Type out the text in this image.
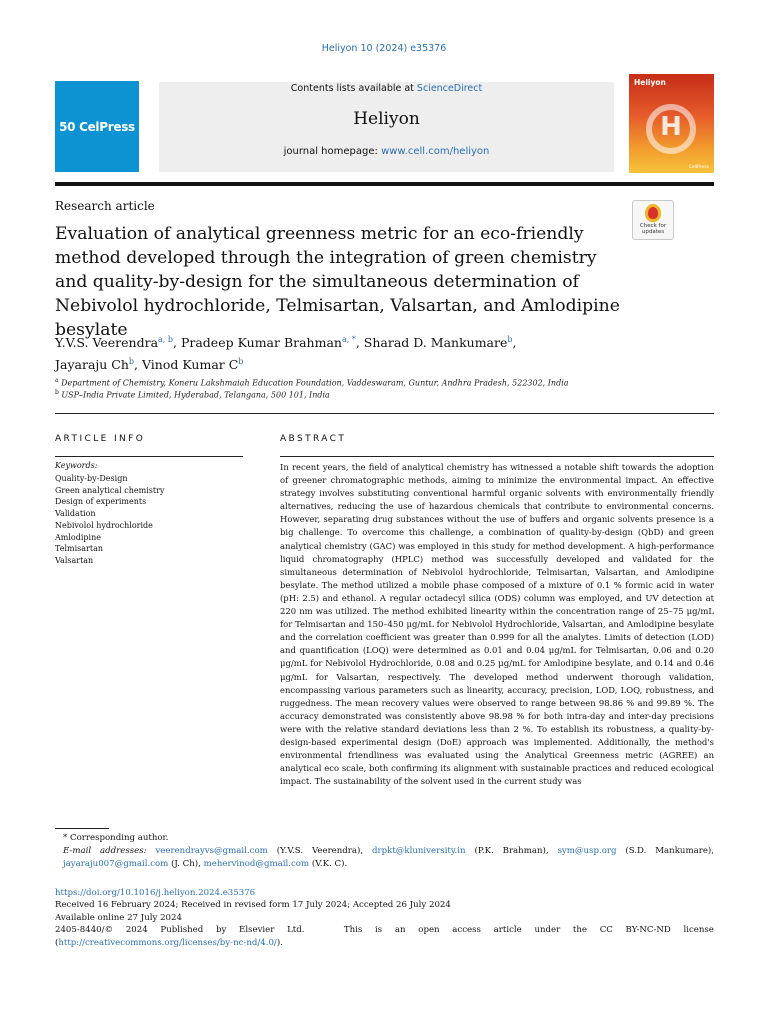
Heliyon 10 (2024) e35376
50 CelPress
Contents lists available at ScienceDirect
Heliyon
journal homepage: www.cell.com/heliyon
Heliyon
H
CellPress
Research article
Check for
updates
Evaluation of analytical greenness metric for an eco-friendly method developed through the integration of green chemistry and quality-by-design for the simultaneous determination of Nebivolol hydrochloride, Telmisartan, Valsartan, and Amlodipine besylate
Y.V.S. Veerendra$^{a, b}$, Pradeep Kumar Brahman$^{a, *}$, Sharad D. Mankumare$^b$,
Jayaraju Ch$^b$, Vinod Kumar $C^b$
$^a$ Department of Chemistry, Koneru Lakshmaiah Education Foundation, Vaddeswaram, Guntur, Andhra Pradesh, 522302, India
$^b$ USP–India Private Limited, Hyderabad, Telangana, 500 101, India
ARTICLE INFO	ABSTRACT
Keywords:
Quality-by-Design
Green analytical chemistry
Design of experiments
Validation
Nebivolol hydrochloride
Amlodipine
Telmisartan
Valsartan

In recent years, the field of analytical chemistry has witnessed a notable shift towards the adoption of greener chromatographic methods, aiming to minimize the environmental impact. An effective strategy involves substituting conventional harmful organic solvents with environmentally friendly alternatives, reducing the use of hazardous chemicals that contribute to environmental concerns. However, separating drug substances without the use of buffers and organic solvents presence is a big challenge. To overcome this challenge, a combination of quality-by-design (QbD) and green analytical chemistry (GAC) was employed in this study for method development. A high-performance liquid chromatography (HPLC) method was successfully developed and validated for the simultaneous determination of Nebivolol hydrochloride, Telmisartan, Valsartan, and Amlodipine besylate. The method utilized a mobile phase composed of a mixture of 0.1 % formic acid in water (pH: 2.5) and ethanol. A regular octadecyl silica (ODS) column was employed, and UV detection at 220 nm was utilized. The method exhibited linearity within the concentration range of 25–75 μg/mL for Telmisartan and 150–450 μg/mL for Nebivolol Hydrochloride, Valsartan, and Amlodipine besylate and the correlation coefficient was greater than 0.999 for all the analytes. Limits of detection (LOD) and quantification (LOQ) were determined as 0.01 and 0.04 μg/mL for Telmisartan, 0.06 and 0.20 μg/mL for Nebivolol Hydrochloride, 0.08 and 0.25 μg/mL for Amlodipine besylate, and 0.14 and 0.46 μg/mL for Valsartan, respectively. The developed method underwent thorough validation, encompassing various parameters such as linearity, accuracy, precision, LOD, LOQ, robustness, and ruggedness. The mean recovery values were observed to range between 98.86 % and 99.89 %. The accuracy demonstrated was consistently above 98.98 % for both intra-day and inter-day precisions were with the relative standard deviations less than 2 %. To establish its robustness, a quality-by-design-based experimental design (DoE) approach was implemented. Additionally, the method's environmental friendliness was evaluated using the Analytical Greenness metric (AGREE) an analytical eco scale, both confirming its alignment with sustainable practices and reduced ecological impact. The sustainability of the solvent used in the current study was

* Corresponding author.
E-mail addresses: veerendrayvs@gmail.com (Y.V.S. Veerendra), drpkt@kluniversity.in (P.K. Brahman), sym@usp.org (S.D. Mankumare), jayaraju007@gmail.com (J. Ch), mehervinod@gmail.com (V.K. C).
https://doi.org/10.1016/j.heliyon.2024.e35376
Received 16 February 2024; Received in revised form 17 July 2024; Accepted 26 July 2024
Available online 27 July 2024
2405-8440/© 2024 Published by Elsevier Ltd.	This is an open access article under the CC BY-NC-ND license
(http://creativecommons.org/licenses/by-nc-nd/4.0/).
